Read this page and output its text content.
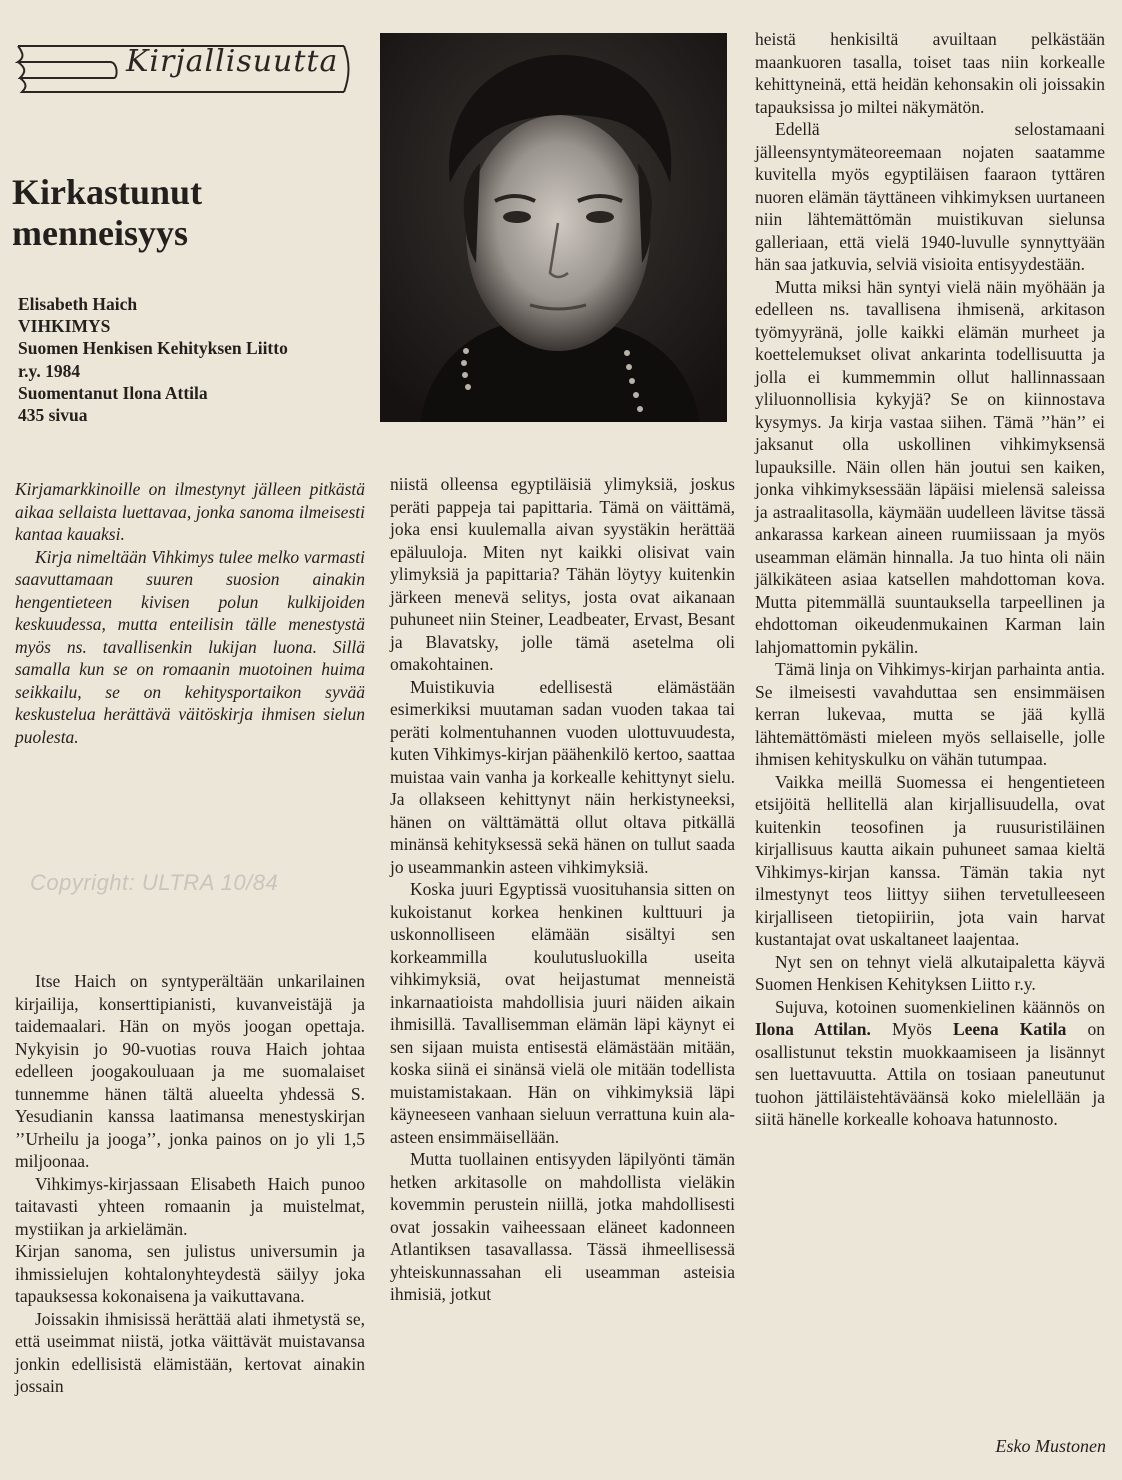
Kirjallisuutta
Kirkastunut
menneisyys
Elisabeth Haich
VIHKIMYS
Suomen Henkisen Kehityksen Liitto
r.y. 1984
Suomentanut Ilona Attila
435 sivua

Kirjamarkkinoille on ilmestynyt jälleen pitkästä aikaa sellaista luettavaa, jonka sanoma ilmeisesti kantaa kauaksi.

Kirja nimeltään Vihkimys tulee melko varmasti saavuttamaan suuren suosion ainakin hengentieteen kivisen polun kulkijoiden keskuudessa, mutta enteilisin tälle menestystä myös ns. tavallisenkin lukijan luona. Sillä samalla kun se on romaanin muotoinen huima seikkailu, se on kehitysportaikon syvää keskustelua herättävä väitöskirja ihmisen sielun puolesta.

Copyright: ULTRA 10/84

Itse Haich on syntyperältään unkarilainen kirjailija, konserttipianisti, kuvanveistäjä ja taidemaalari. Hän on myös joogan opettaja. Nykyisin jo 90-vuotias rouva Haich johtaa edelleen joogakouluaan ja me suomalaiset tunnemme hänen tältä alueelta yhdessä S. Yesudianin kanssa laatimansa menestyskirjan ’’Urheilu ja jooga’’, jonka painos on jo yli 1,5 miljoonaa.

Vihkimys-kirjassaan Elisabeth Haich punoo taitavasti yhteen romaanin ja muistelmat, mystiikan ja arkielämän.

Kirjan sanoma, sen julistus universumin ja ihmissielujen kohtalonyhteydestä säilyy joka tapauksessa kokonaisena ja vaikuttavana.

Joissakin ihmisissä herättää alati ihmetystä se, että useimmat niistä, jotka väittävät muistavansa jonkin edellisistä elämistään, kertovat ainakin jossain

niistä olleensa egyptiläisiä ylimyksiä, joskus peräti pappeja tai papittaria. Tämä on väittämä, joka ensi kuulemalla aivan syystäkin herättää epäluuloja. Miten nyt kaikki olisivat vain ylimyksiä ja papittaria? Tähän löytyy kuitenkin järkeen menevä selitys, josta ovat aikanaan puhuneet niin Steiner, Leadbeater, Ervast, Besant ja Blavatsky, jolle tämä asetelma oli omakohtainen.

Muistikuvia edellisestä elämästään esimerkiksi muutaman sadan vuoden takaa tai peräti kolmentuhannen vuoden ulottuvuudesta, kuten Vihkimys-kirjan päähenkilö kertoo, saattaa muistaa vain vanha ja korkealle kehittynyt sielu. Ja ollakseen kehittynyt näin herkistyneeksi, hänen on välttämättä ollut oltava pitkällä minänsä kehityksessä sekä hänen on tullut saada jo useammankin asteen vihkimyksiä.

Koska juuri Egyptissä vuosituhansia sitten on kukoistanut korkea henkinen kulttuuri ja uskonnolliseen elämään sisältyi sen korkeammilla koulutusluokilla useita vihkimyksiä, ovat heijastumat menneistä inkarnaatioista mahdollisia juuri näiden aikain ihmisillä. Tavallisemman elämän läpi käynyt ei sen sijaan muista entisestä elämästään mitään, koska siinä ei sinänsä vielä ole mitään todellista muistamistakaan. Hän on vihkimyksiä läpi käyneeseen vanhaan sieluun verrattuna kuin ala-asteen ensimmäisellään.

Mutta tuollainen entisyyden läpilyönti tämän hetken arkitasolle on mahdollista vieläkin kovemmin perustein niillä, jotka mahdollisesti ovat jossakin vaiheessaan eläneet kadonneen Atlantiksen tasavallassa. Tässä ihmeellisessä yhteiskunnassahan eli useamman asteisia ihmisiä, jotkut

heistä henkisiltä avuiltaan pelkästään maankuoren tasalla, toiset taas niin korkealle kehittyneinä, että heidän kehonsakin oli joissakin tapauksissa jo miltei näkymätön.

Edellä selostamaani jälleensyntymäteoreemaan nojaten saatamme kuvitella myös egyptiläisen faaraon tyttären nuoren elämän täyttäneen vihkimyksen uurtaneen niin lähtemättömän muistikuvan sielunsa galleriaan, että vielä 1940-luvulle synnyttyään hän saa jatkuvia, selviä visioita entisyydestään.

Mutta miksi hän syntyi vielä näin myöhään ja edelleen ns. tavallisena ihmisenä, arkitason työmyyränä, jolle kaikki elämän murheet ja koettelemukset olivat ankarinta todellisuutta ja jolla ei kummemmin ollut hallinnassaan yliluonnollisia kykyjä? Se on kiinnostava kysymys. Ja kirja vastaa siihen. Tämä ’’hän’’ ei jaksanut olla uskollinen vihkimyksensä lupauksille. Näin ollen hän joutui sen kaiken, jonka vihkimyksessään läpäisi mielensä saleissa ja astraalitasolla, käymään uudelleen lävitse tässä ankarassa karkean aineen ruumiissaan ja myös useamman elämän hinnalla. Ja tuo hinta oli näin jälkikäteen asiaa katsellen mahdottoman kova. Mutta pitemmällä suuntauksella tarpeellinen ja ehdottoman oikeudenmukainen Karman lain lahjomattomin pykälin.

Tämä linja on Vihkimys-kirjan parhainta antia. Se ilmeisesti vavahduttaa sen ensimmäisen kerran lukevaa, mutta se jää kyllä lähtemättömästi mieleen myös sellaiselle, jolle ihmisen kehityskulku on vähän tutumpaa.

Vaikka meillä Suomessa ei hengentieteen etsijöitä hellitellä alan kirjallisuudella, ovat kuitenkin teosofinen ja ruusuristiläinen kirjallisuus kautta aikain puhuneet samaa kieltä Vihkimys-kirjan kanssa. Tämän takia nyt ilmestynyt teos liittyy siihen tervetulleeseen kirjalliseen tietopiiriin, jota vain harvat kustantajat ovat uskaltaneet laajentaa.

Nyt sen on tehnyt vielä alkutaipaletta käyvä Suomen Henkisen Kehityksen Liitto r.y.

Sujuva, kotoinen suomenkielinen käännös on Ilona Attilan. Myös Leena Katila on osallistunut tekstin muokkaamiseen ja lisännyt sen luettavuutta. Attila on tosiaan paneutunut tuohon jättiläistehtäväänsä koko mielellään ja siitä hänelle korkealle kohoava hatunnosto.

Esko Mustonen
